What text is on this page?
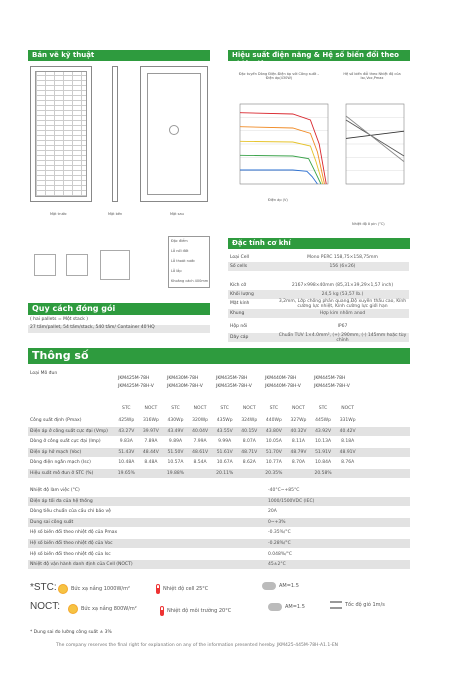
Bản vẽ kỹ thuật
Mặt trước	Mặt bên	Mặt sau
Đặc điểm
Lỗ nối đất
Lỗ thoát nước
Lỗ lắp
Khoảng cách 400mm
Hiệu suất điện năng & Hệ số biến đổi theo nhiệt độ
Đặc tuyến Dòng Điện-Điện áp với Công suất – Điện áp(430W)
Hệ số biến đổi theo Nhiệt độ của Isc,Voc,Pmax
Điện áp (V)
Nhiệt độ ô pin (°C)
Đặc tính cơ khí
Loại Cell	Mono PERC 158,75×158,75mm
Số cells	156 (6×26)
Kích cỡ	2167×998×40mm (85,31×39,29×1,57 inch)
Khối lượng	24,5 kg (53,57 lb.)
Mặt kính	3,2mm, Lớp chống phản quang,Độ xuyên thấu cao, Kính cường lực nhiệt, Kính cường lực giới hạn
Khung	Hợp kim nhôm anod
Hộp nối	IP67
Dây cáp	Chuẩn TUV 1×4.0mm², (+) 290mm, (-) 145mm hoặc tùy chỉnh
Quy cách đóng gói
( hai pallets = Một stack )
27 tấm/pallet, 54 tấm/stack, 540 tấm/ Container 40'HQ
Thông số
Loại Mô đun
JKM425M-78H
JKM425M-78H-V
JKM430M-78H
JKM430M-78H-V
JKM435M-78H
JKM435M-78H-V
JKM440M-78H
JKM440M-78H-V
JKM445M-78H
JKM445M-78H-V
STC	NOCT	STC	NOCT	STC	NOCT	STC	NOCT	STC	NOCT
Công suất định (Pmax)	425Wp	316Wp	430Wp	320Wp	435Wp	324Wp	440Wp	327Wp	445Wp	331Wp
Điện áp ở công suất cực đại (Vmp)	43.27V	39.97V	43.49V	40.04V	43.55V	40.15V	43.80V	40.32V	43.92V	40.42V
Dòng ở công suất cực đại (Imp)	9.83A	7.89A	9.89A	7.99A	9.99A	8.07A	10.05A	8.11A	10.13A	8.18A
Điện áp hở mạch (Voc)	51.43V	48.44V	51.50V	48.61V	51.61V	48.71V	51.70V	48.79V	51.91V	48.91V
Dòng điện ngắn mạch (Isc)	10.48A	8.48A	10.57A	8.54A	10.67A	8.62A	10.77A	8.70A	10.84A	8.76A
Hiệu suất mô đun ở STC (%)	19.65%	19.88%	20.11%	20.35%	20.58%
Nhiệt độ làm việc (°C)	-40°C~+85°C
Điện áp tối đa của hệ thống	1000/1500VDC (IEC)
Dòng tiêu chuẩn của cầu chì bảo vệ	20A
Dung sai công suất	0~+3%
Hệ số biến đổi theo nhiệt độ của Pmax	-0.35%/°C
Hệ số biến đổi theo nhiệt độ của Voc	-0.28%/°C
Hệ số biến đổi theo nhiệt độ của Isc	0.048%/°C
Nhiệt độ vận hành danh định của Cell (NOCT)	45±2°C
*STC:	Bức xạ nắng 1000W/m²	Nhiệt độ cell 25°C	AM=1.5
NOCT:	Bức xạ nắng 800W/m²	Nhiệt độ môi trường 20°C
AM=1.5	Tốc độ gió 1m/s
* Dung sai đo lường công suất ± 3%
The company reserves the final right for explanation on any of the information presented hereby. JKM425-445M-78H-A1.1-EN
